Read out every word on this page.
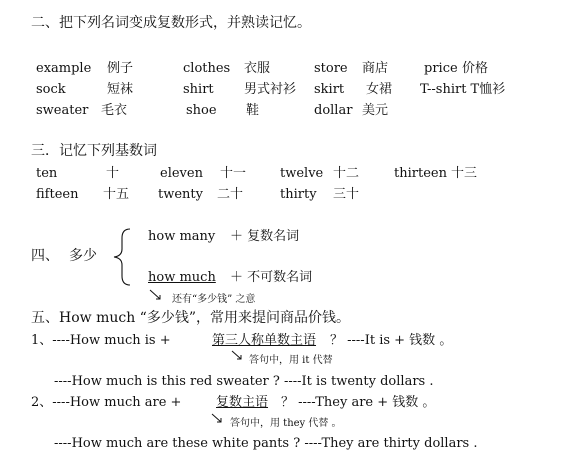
二、把下列名词变成复数形式，并熟读记忆。
example 例子	clothes 衣服	store 商店	price 价格
sock	短袜	shirt 男式衬衫 skirt 女裙 T--shirt T恤衫
sweater 毛衣	shoe 鞋	dollar 美元
三．记忆下列基数词
ten	十	eleven 十一	twelve 十二	thirteen 十三
fifteen 十五 twenty 二十	thirty 三十
四、 多少
how many ＋ 复数名词
how much ＋ 不可数名词
还有“多少钱” 之意
五、How much “多少钱”，常用来提问商品价钱。
1、----How much is +	第三人称单数主语 ？ ----It is + 钱数 。
答句中，用 it 代替
----How much is this red sweater ? ----It is twenty dollars .
2、----How much are +	复数主语 ？ ----They are + 钱数 。
答句中，用 they 代替 。
----How much are these white pants ? ----They are thirty dollars .
